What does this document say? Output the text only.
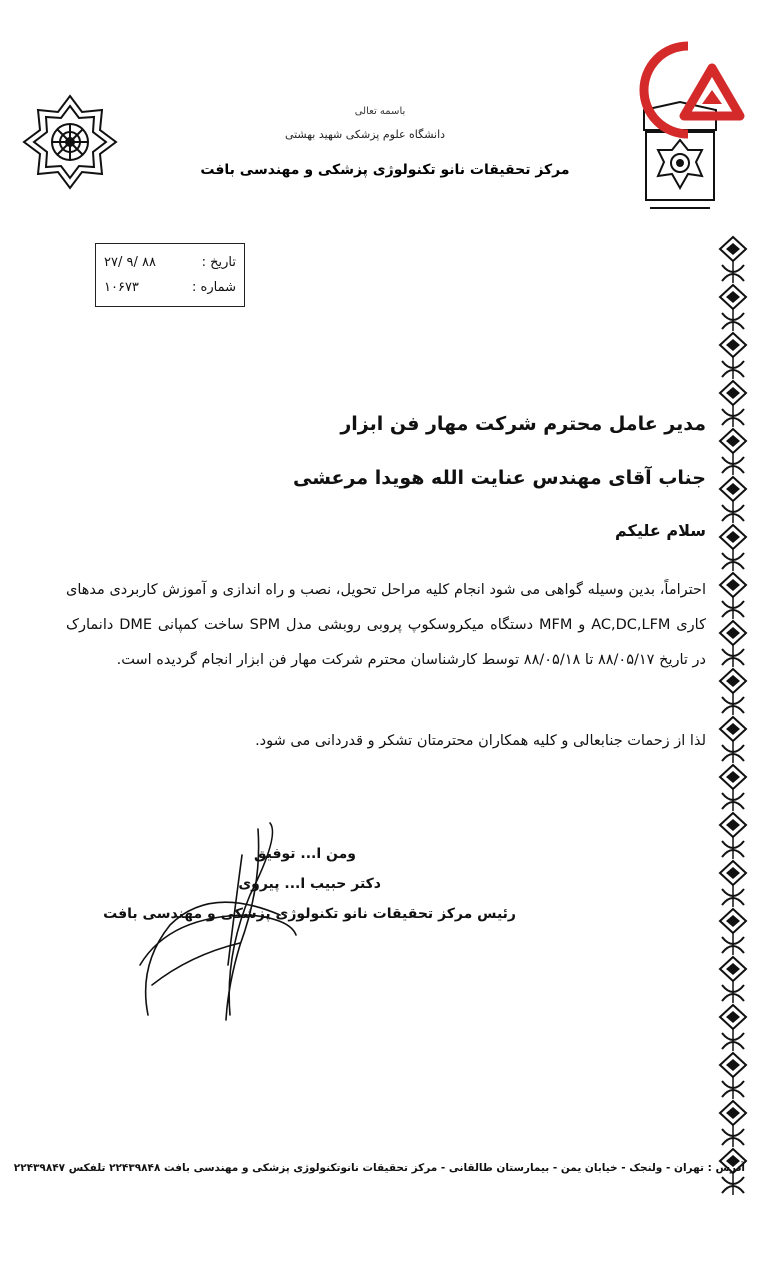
باسمه تعالی
دانشگاه علوم پزشکی شهید بهشتی
مرکز تحقیقات نانو تکنولوژی پزشکی و مهندسی بافت
تاریخ :
۸۸ /۹ /۲۷
شماره :
۱۰۶۷۳
مدیر عامل محترم شرکت مهار فن ابزار
جناب آقای مهندس عنایت الله هویدا مرعشی
سلام علیکم
احتراماً، بدین وسیله گواهی می شود انجام کلیه مراحل تحویل، نصب و راه اندازی و آموزش کاربردی مدهای کاری AC,DC,LFM و MFM دستگاه میکروسکوپ پروبی روبشی مدل SPM ساخت کمپانی DME دانمارک در تاریخ ۸۸/۰۵/۱۷ تا ۸۸/۰۵/۱۸ توسط کارشناسان محترم شرکت مهار فن ابزار انجام گردیده است.
لذا از زحمات جنابعالی و کلیه همکاران محترمتان تشکر و قدردانی می شود.
ومن ا... توفیق
دکتر حبیب ا... پیروی
رئیس مرکز تحقیقات نانو تکنولوژی پزشکی و مهندسی بافت
آدرس : تهران - ولنجک - خیابان یمن - بیمارستان طالقانی - مرکز تحقیقات نانوتکنولوژی پزشکی و مهندسی بافت ۲۲۴۳۹۸۴۸ تلفکس ۲۲۴۳۹۸۴۷
